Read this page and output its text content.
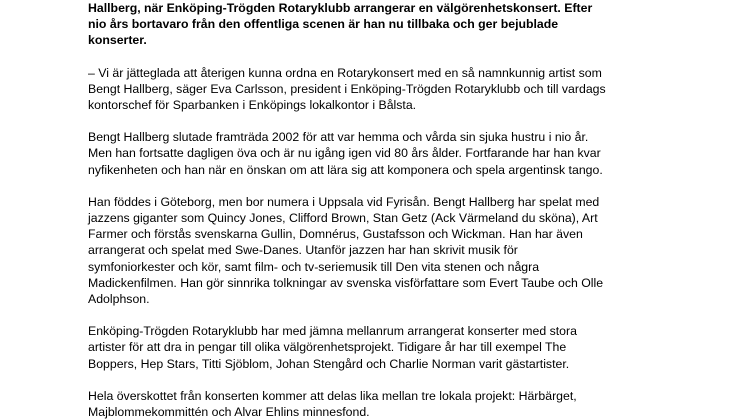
Hallberg, när Enköping-Trögden Rotaryklubb arrangerar en välgörenhetskonsert. Efter
nio års bortavaro från den offentliga scenen är han nu tillbaka och ger bejublade
konserter.

– Vi är jätteglada att återigen kunna ordna en Rotarykonsert med en så namnkunnig artist som
Bengt Hallberg, säger Eva Carlsson, president i Enköping-Trögden Rotaryklubb och till vardags
kontorschef för Sparbanken i Enköpings lokalkontor i Bålsta.

Bengt Hallberg slutade framträda 2002 för att var hemma och vårda sin sjuka hustru i nio år.
Men han fortsatte dagligen öva och är nu igång igen vid 80 års ålder. Fortfarande har han kvar
nyfikenheten och han när en önskan om att lära sig att komponera och spela argentinsk tango.

Han föddes i Göteborg, men bor numera i Uppsala vid Fyrisån. Bengt Hallberg har spelat med
jazzens giganter som Quincy Jones, Clifford Brown, Stan Getz (Ack Värmeland du sköna), Art
Farmer och förstås svenskarna Gullin, Domnérus, Gustafsson och Wickman. Han har även
arrangerat och spelat med Swe-Danes. Utanför jazzen har han skrivit musik för
symfoniorkester och kör, samt film- och tv-seriemusik till Den vita stenen och några
Madickenfilmen. Han gör sinnrika tolkningar av svenska visförfattare som Evert Taube och Olle
Adolphson.

Enköping-Trögden Rotaryklubb har med jämna mellanrum arrangerat konserter med stora
artister för att dra in pengar till olika välgörenhetsprojekt. Tidigare år har till exempel The
Boppers, Hep Stars, Titti Sjöblom, Johan Stengård och Charlie Norman varit gästartister.

Hela överskottet från konserten kommer att delas lika mellan tre lokala projekt: Härbärget,
Majblommekommittén och Alvar Ehlins minnesfond.
